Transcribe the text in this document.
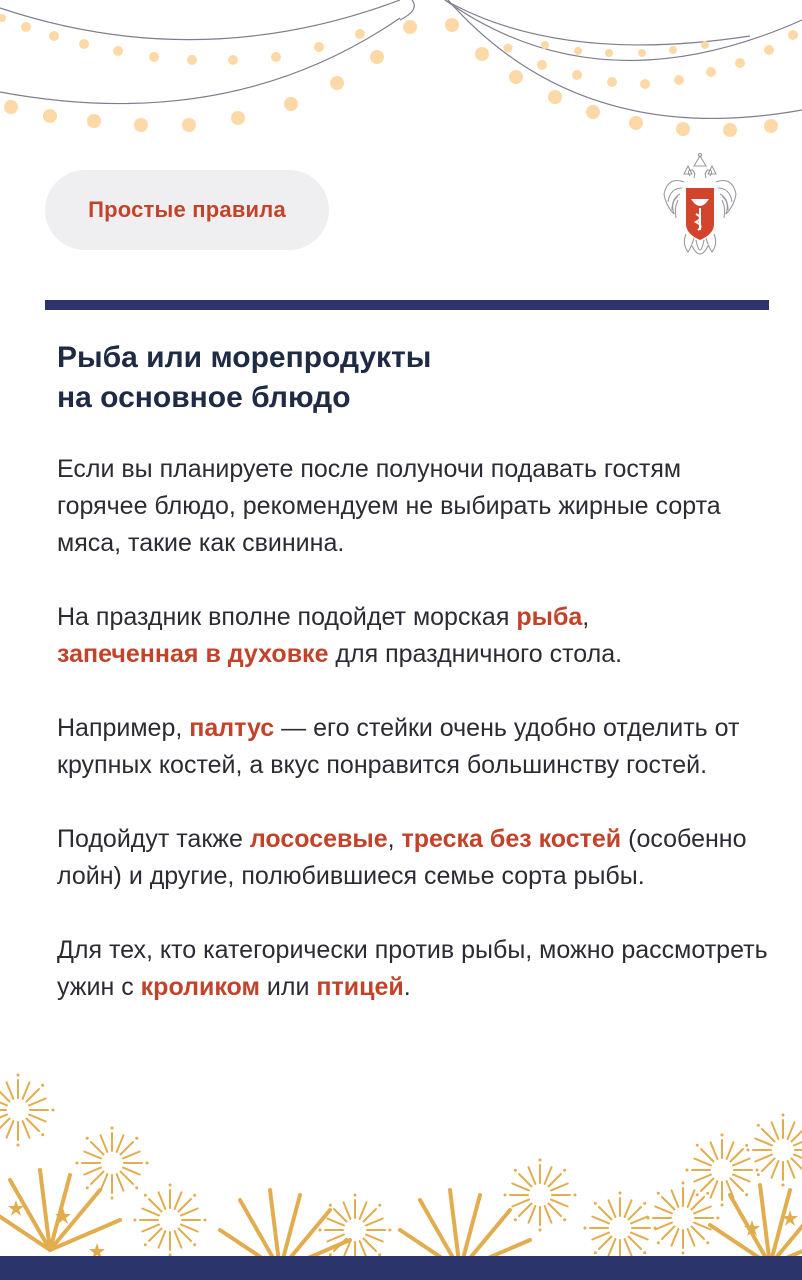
Простые правила
Рыба или морепродукты
на основное блюдо

Если вы планируете после полуночи подавать гостям горячее блюдо, рекомендуем не выбирать жирные сорта мяса, такие как свинина.

На праздник вполне подойдет морская рыба,
запеченная в духовке для праздничного стола.

Например, палтус — его стейки очень удобно отделить от крупных костей, а вкус понравится большинству гостей.

Подойдут также лососевые, треска без костей (особенно лойн) и другие, полюбившиеся семье сорта рыбы.

Для тех, кто категорически против рыбы, можно рассмотреть ужин с кроликом или птицей.
